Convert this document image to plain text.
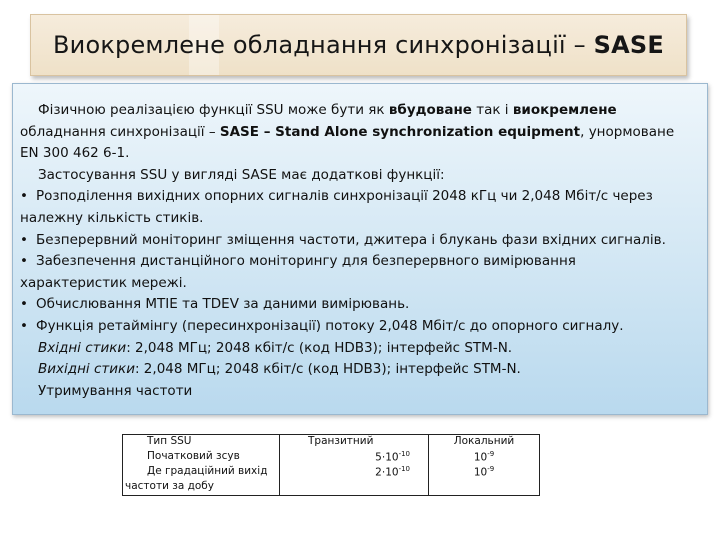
Виокремлене обладнання синхронізації – SASE

Фізичною реалізацією функції SSU може бути як вбудоване так і виокремлене

обладнання синхронізації – SASE – Stand Alone synchronization equipment, унормоване

EN 300 462 6-1.

Застосування SSU у вигляді SASE має додаткові функції:

• Розподілення вихідних опорних сигналів синхронізації 2048 кГц чи 2,048 Мбіт/с через

належну кількість стиків.

• Безперервний моніторинг зміщення частоти, джитера і блукань фази вхідних сигналів.

• Забезпечення дистанційного моніторингу для безперервного вимірювання

характеристик мережі.

• Обчислювання MTIE та TDEV за даними вимірювань.

• Функція ретаймінгу (пересинхронізації) потоку 2,048 Мбіт/с до опорного сигналу.

Вхідні стики: 2,048 МГц; 2048 кбіт/с (код HDB3); інтерфейс STM-N.

Вихідні стики: 2,048 МГц; 2048 кбіт/с (код HDB3); інтерфейс STM-N.

Утримування частоти

Тип SSU	Транзитний	Локальний
Початковий зсув	$5\cdot 10^{-10}$	$10^{-9}$
Де градаційний вихід	$2\cdot 10^{-10}$	$10^{-9}$
частоти за добу		
